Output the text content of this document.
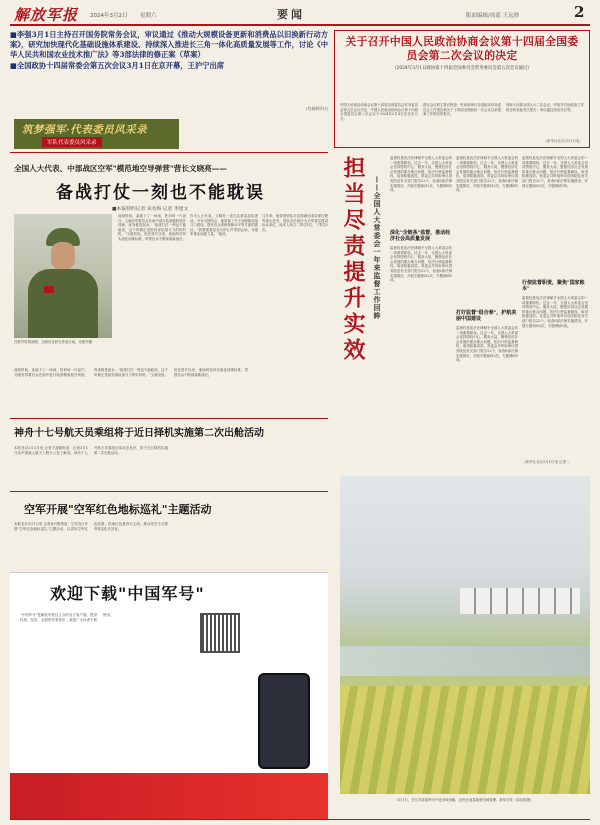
解放军报 2024年3月2日 星期六	要闻	版面编辑/周蓝 王远驿	2
■李强3月1日主持召开国务院常务会议，审议通过《推动大规模设备更新和消费品以旧换新行动方案》，研究加快现代化基础设施体系建设、持续深入推进长三角一体化高质量发展等工作，讨论《中华人民共和国农业技术推广法》等3部法律的修正案（草案）
■全国政协十四届常委会第五次会议3月1日在京开幕，王沪宁出席
(均据新华社)
关于召开中国人民政治协商会议第十四届全国委员会第二次会议的决定
（2024年3月1日政协第十四届全国委员会常务委员会第五次会议通过）
中国人民政治协商会议第十四届全国委员会常务委员会第五次会议决定：中国人民政治协商会议第十四届全国委员会第二次会议于2024年3月4日在北京召开。
建议会议的主要议程是：听取和审议全国政协常务委员会工作报告和关于十四届全国政协一次会议以来提案工作情况的报告；
列席十四届全国人大二次会议，听取并讨论政府工作报告和其他有关报告；审议通过政治决议等。
（新华社北京3月1日电）
筑梦强军·代表委员风采录
军队代表委员风采录
全国人大代表、中部战区空军"模范地空导弹营"营长文晓亮——
备战打仗一刻也不能耽误
■本报特约记者 朱名海 记者 李建文
在野外驻训间隙，文晓亮在研究作战方案。宋建华摄
前段时间，某地下了一场雨，驻训场一片泥泞。文晓亮带着官兵在雨中进行装备撤收展开训练，浑身都是泥水。"备战打仗一刻也不能耽误，这个时候正是检验部队战斗力的好时机。"文晓亮说。担任营长以来，他始终坚持实战化训练标准，带领官兵不断探索新战法。
作为人大代表，文晓亮一直关注基层部队建设。今年全国两会，他准备了关于加强新质战斗力建设、提升官兵训练保障水平等方面的建议。"我要把基层官兵的心声带到会场，为强军事业贡献力量。"他说。
几年来，他带领营队多次圆满完成实弹打靶等重大任务，营队先后被评为全军基层建设标兵单位，他本人荣立二等功1次、三等功2次。
前段时间，某地下了一场雨，驻训场一片泥泞。文晓亮带着官兵在雨中进行装备撤收展开训练，浑身都是泥水。"备战打仗一刻也不能耽误，这个时候正是检验部队战斗力的好时机。"文晓亮说。担任营长以来，他始终坚持实战化训练标准，带领官兵不断探索新战法。
神舟十七号航天员乘组将于近日择机实施第二次出舱活动
本报北京3月1日电 记者王凌硕报道：记者3月1日从中国载人航天工程办公室了解到，神舟十七号航天员乘组目前状态良好，将于近日择机实施第二次出舱活动。
空军开展"空军红色地标巡礼"主题活动
本报北京3月1日电 记者孙兴维报道：空军近日开展"空军红色地标巡礼"主题活动，以讲好空军红色故事、传承红色基因为主线，推动党史学习教育常态化长效化。
欢迎下载"中国军号"
"中国军号"是解放军报社主办的官方客户端，提供权威、及时、全面的军事资讯，欢迎广大读者下载使用。
担当尽责提升实效 ——全国人大常委会一年来监督工作回眸
监督权是宪法法律赋予全国人大常委会的一项重要职权。过去一年，全国人大常委会坚持围绕中心、服务大局，聚焦经济社会发展的重点难点问题，依法行使监督职权，取得积极成效。常委会共听取审议国务院及有关部门报告22个，检查6部法律实施情况，开展专题询问2次、专题调研5项。
深化"全链条"监督，推动经济社会高质量发展
监督权是宪法法律赋予全国人大常委会的一项重要职权。过去一年，全国人大常委会坚持围绕中心、服务大局，聚焦经济社会发展的重点难点问题，依法行使监督职权，取得积极成效。常委会共听取审议国务院及有关部门报告22个，检查6部法律实施情况，开展专题询问2次、专题调研5项。
监督权是宪法法律赋予全国人大常委会的一项重要职权。过去一年，全国人大常委会坚持围绕中心、服务大局，聚焦经济社会发展的重点难点问题，依法行使监督职权，取得积极成效。常委会共听取审议国务院及有关部门报告22个，检查6部法律实施情况，开展专题询问2次、专题调研5项。
打好监督"组合拳"，护航美丽中国建设
监督权是宪法法律赋予全国人大常委会的一项重要职权。过去一年，全国人大常委会坚持围绕中心、服务大局，聚焦经济社会发展的重点难点问题，依法行使监督职权，取得积极成效。常委会共听取审议国务院及有关部门报告22个，检查6部法律实施情况，开展专题询问2次、专题调研5项。
监督权是宪法法律赋予全国人大常委会的一项重要职权。过去一年，全国人大常委会坚持围绕中心、服务大局，聚焦经济社会发展的重点难点问题，依法行使监督职权，取得积极成效。常委会共听取审议国务院及有关部门报告22个，检查6部法律实施情况，开展专题询问2次、专题调研5项。
行使监督职责，聚焦"国家账本"
监督权是宪法法律赋予全国人大常委会的一项重要职权。过去一年，全国人大常委会坚持围绕中心、服务大局，聚焦经济社会发展的重点难点问题，依法行使监督职权，取得积极成效。常委会共听取审议国务院及有关部门报告22个，检查6部法律实施情况，开展专题询问2次、专题调研5项。
（新华社北京3月1日电 记者 ）
3月1日，在江苏省泰州市兴化市垛田镇，农民在油菜地里田间管理。新华社发（周社根摄）
